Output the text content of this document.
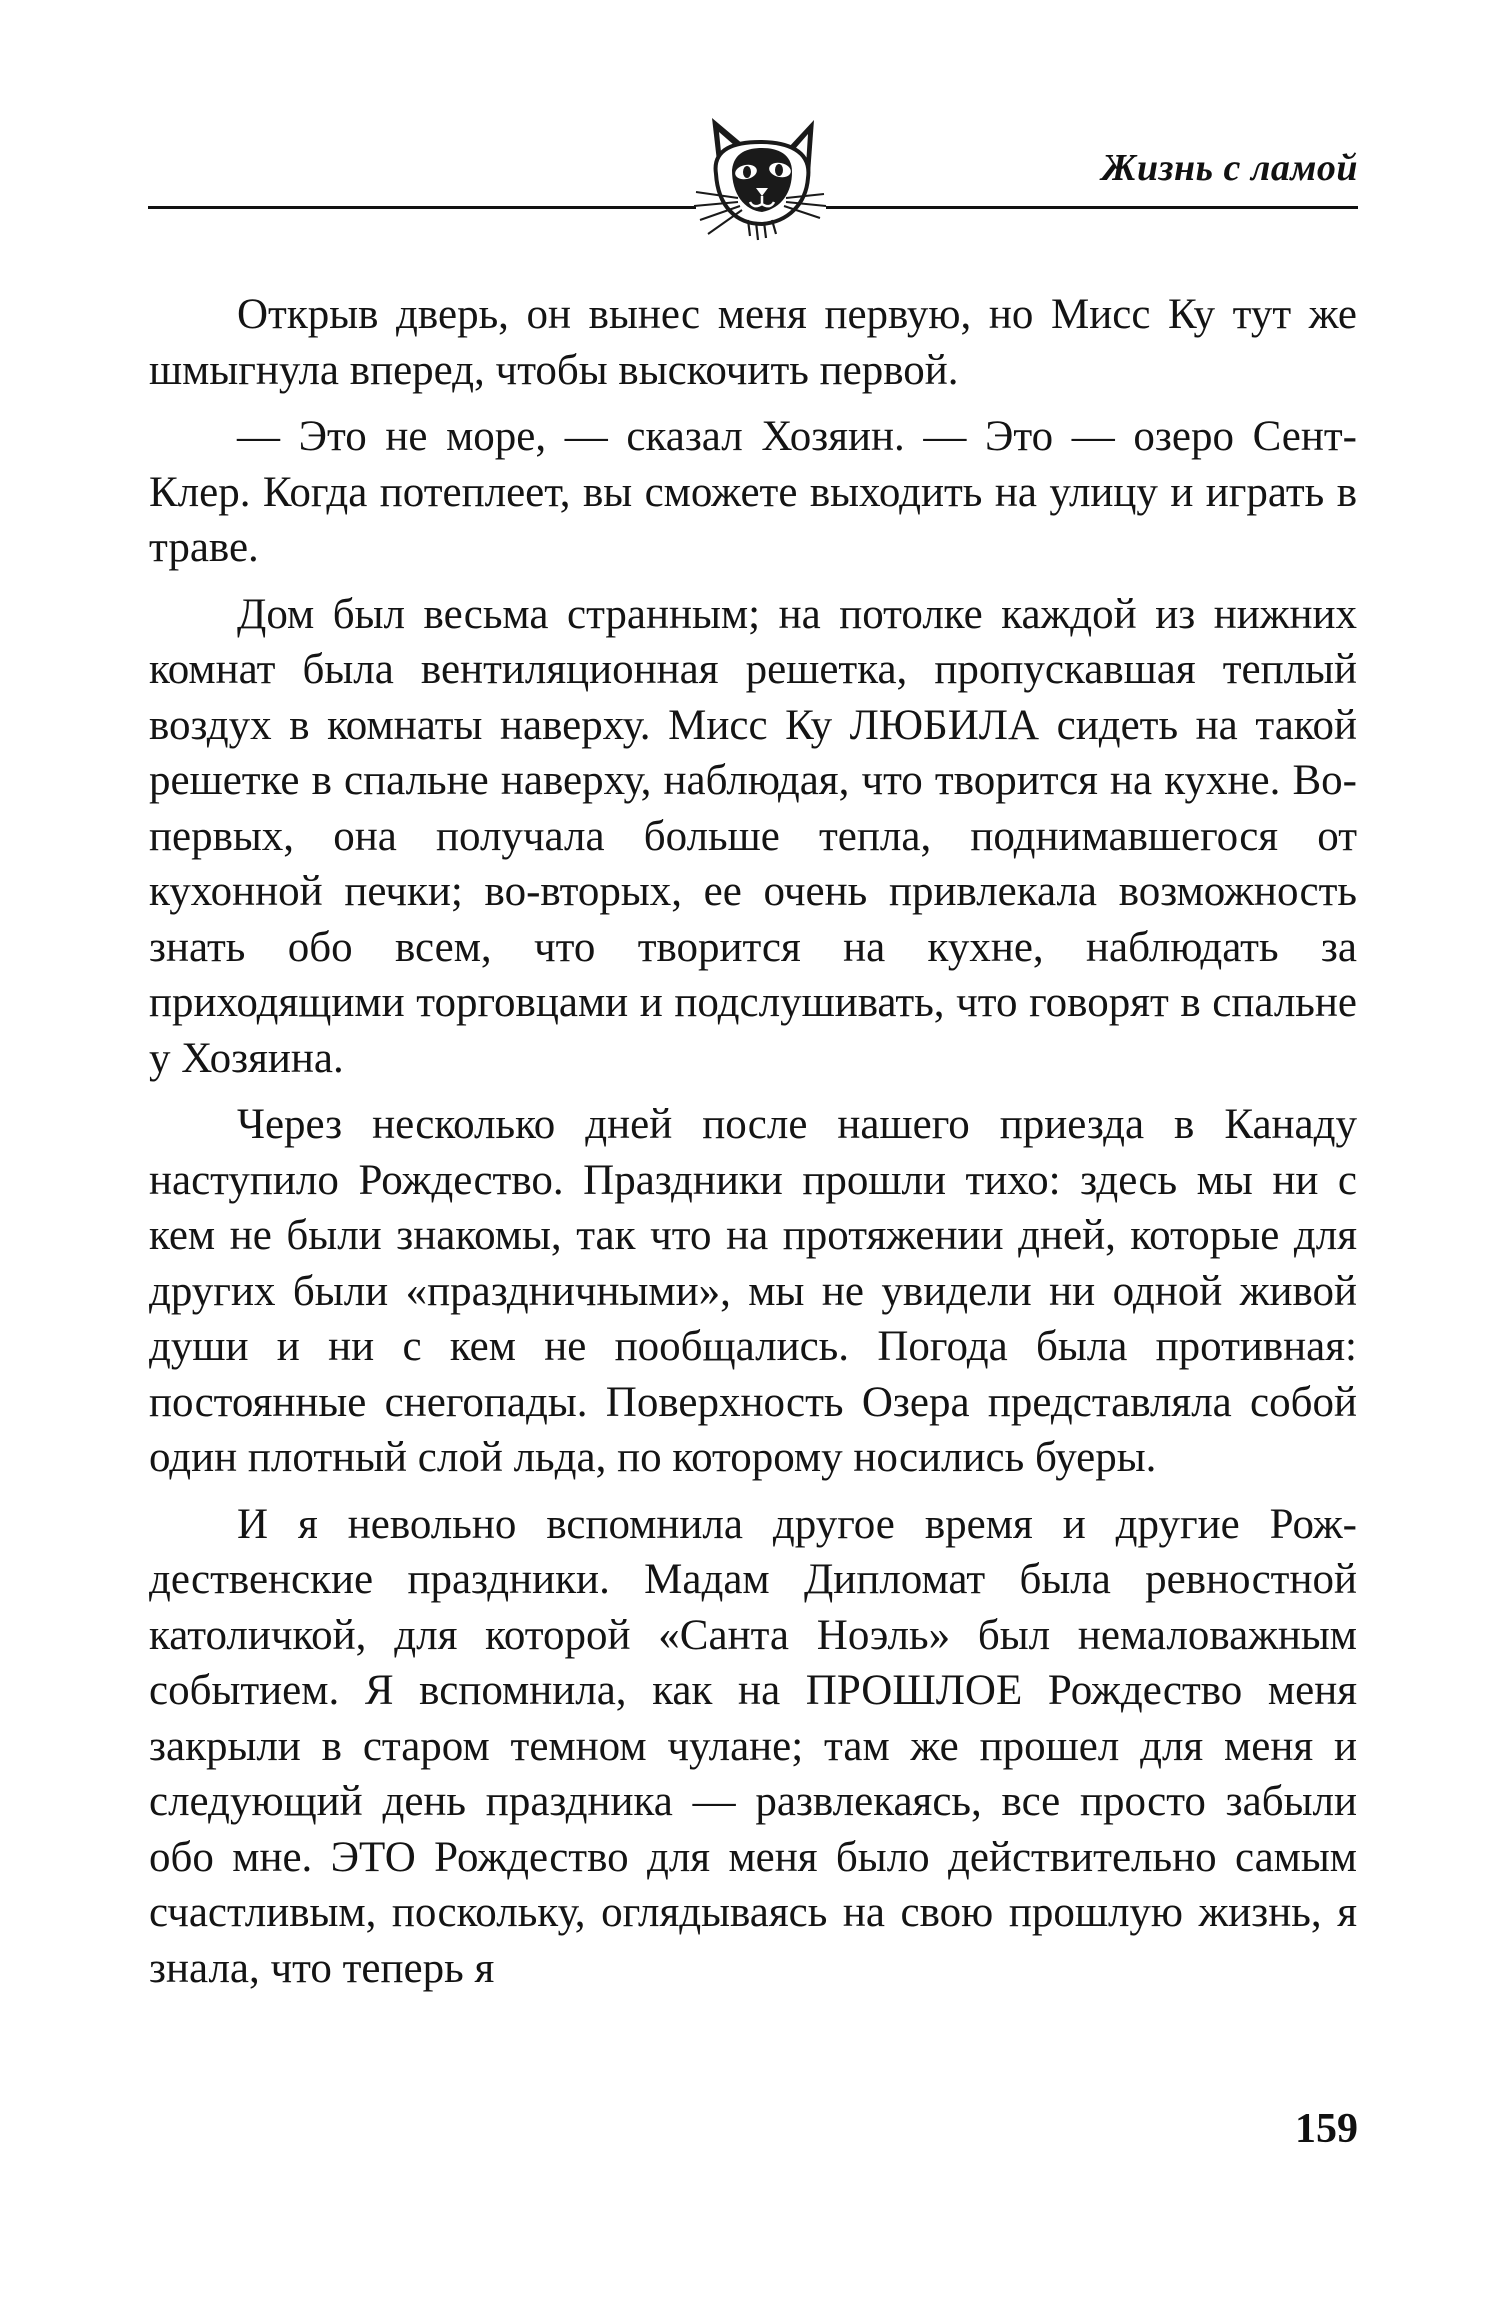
Жизнь с ламой

Открыв дверь, он вынес меня первую, но Мисс Ку тут же шмыгнула вперед, чтобы выскочить первой.

— Это не море, — сказал Хозяин. — Это — озеро Сент-Клер. Когда потеплеет, вы сможете выходить на улицу и играть в траве.

Дом был весьма странным; на потолке каждой из нижних комнат была вентиляционная решетка, пропускавшая теплый воздух в комнаты наверху. Мисс Ку ЛЮБИЛА сидеть на такой решетке в спальне наверху, наблюдая, что творится на кухне. Во-первых, она получала больше тепла, поднимавшегося от кухонной печки; во-вторых, ее очень привлекала возможность знать обо всем, что творится на кухне, наблюдать за приходящими торговцами и подслушивать, что говорят в спальне у Хозяина.

Через несколько дней после нашего приезда в Канаду наступило Рождество. Праздники прошли тихо: здесь мы ни с кем не были знакомы, так что на протяжении дней, которые для других были «праздничными», мы не увидели ни одной живой души и ни с кем не пообщались. Погода была противная: постоянные снегопады. Поверхность Озера представляла собой один плотный слой льда, по которому носились буеры.

И я невольно вспомнила другое время и другие Рождественские праздники. Мадам Дипломат была ревностной католичкой, для которой «Санта Ноэль» был немаловажным событием. Я вспомнила, как на ПРОШЛОЕ Рождество меня закрыли в старом темном чулане; там же прошел для меня и следующий день праздника — развлекаясь, все просто забыли обо мне. ЭТО Рождество для меня было действительно самым счастливым, поскольку, оглядываясь на свою прошлую жизнь, я знала, что теперь я

159
